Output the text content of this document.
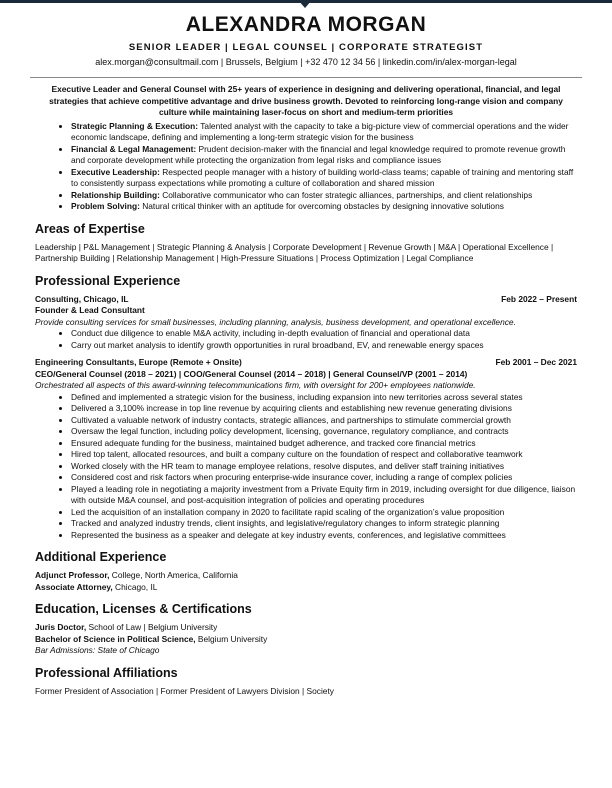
ALEXANDRA MORGAN
SENIOR LEADER | LEGAL COUNSEL | CORPORATE STRATEGIST
alex.morgan@consultmail.com | Brussels, Belgium | +32 470 12 34 56 | linkedin.com/in/alex-morgan-legal

Executive Leader and General Counsel with 25+ years of experience in designing and delivering operational, financial, and legal strategies that achieve competitive advantage and drive business growth. Devoted to reinforcing long-range vision and company culture while maintaining laser-focus on short and medium-term priorities

• Strategic Planning & Execution: Talented analyst with the capacity to take a big-picture view of commercial operations and the wider economic landscape, defining and implementing a long-term strategic vision for the business
• Financial & Legal Management: Prudent decision-maker with the financial and legal knowledge required to promote revenue growth and corporate development while protecting the organization from legal risks and compliance issues
• Executive Leadership: Respected people manager with a history of building world-class teams; capable of training and mentoring staff to consistently surpass expectations while promoting a culture of collaboration and shared mission
• Relationship Building: Collaborative communicator who can foster strategic alliances, partnerships, and client relationships
• Problem Solving: Natural critical thinker with an aptitude for overcoming obstacles by designing innovative solutions
Areas of Expertise

Leadership | P&L Management | Strategic Planning & Analysis | Corporate Development | Revenue Growth | M&A | Operational Excellence | Partnership Building | Relationship Management | High-Pressure Situations | Process Optimization | Legal Compliance

Professional Experience
Consulting, Chicago, IL	Feb 2022 – Present
Founder & Lead Consultant
Provide consulting services for small businesses, including planning, analysis, business development, and operational excellence.
• Conduct due diligence to enable M&A activity, including in-depth evaluation of financial and operational data
• Carry out market analysis to identify growth opportunities in rural broadband, EV, and renewable energy spaces
Engineering Consultants, Europe (Remote + Onsite)	Feb 2001 – Dec 2021
CEO/General Counsel (2018 – 2021) | COO/General Counsel (2014 – 2018) | General Counsel/VP (2001 – 2014)
Orchestrated all aspects of this award-winning telecommunications firm, with oversight for 200+ employees nationwide.
• Defined and implemented a strategic vision for the business, including expansion into new territories across several states
• Delivered a 3,100% increase in top line revenue by acquiring clients and establishing new revenue generating divisions
• Cultivated a valuable network of industry contacts, strategic alliances, and partnerships to stimulate commercial growth
• Oversaw the legal function, including policy development, licensing, governance, regulatory compliance, and contracts
• Ensured adequate funding for the business, maintained budget adherence, and tracked core financial metrics
• Hired top talent, allocated resources, and built a company culture on the foundation of respect and collaborative teamwork
• Worked closely with the HR team to manage employee relations, resolve disputes, and deliver staff training initiatives
• Considered cost and risk factors when procuring enterprise-wide insurance cover, including a range of complex policies
• Played a leading role in negotiating a majority investment from a Private Equity firm in 2019, including oversight for due diligence, liaison with outside M&A counsel, and post-acquisition integration of policies and operating procedures
• Led the acquisition of an installation company in 2020 to facilitate rapid scaling of the organization’s value proposition
• Tracked and analyzed industry trends, client insights, and legislative/regulatory changes to inform strategic planning
• Represented the business as a speaker and delegate at key industry events, conferences, and legislative committees
Additional Experience
Adjunct Professor, College, North America, California
Associate Attorney, Chicago, IL
Education, Licenses & Certifications
Juris Doctor, School of Law | Belgium University
Bachelor of Science in Political Science, Belgium University
Bar Admissions: State of Chicago
Professional Affiliations

Former President of Association | Former President of Lawyers Division | Society
